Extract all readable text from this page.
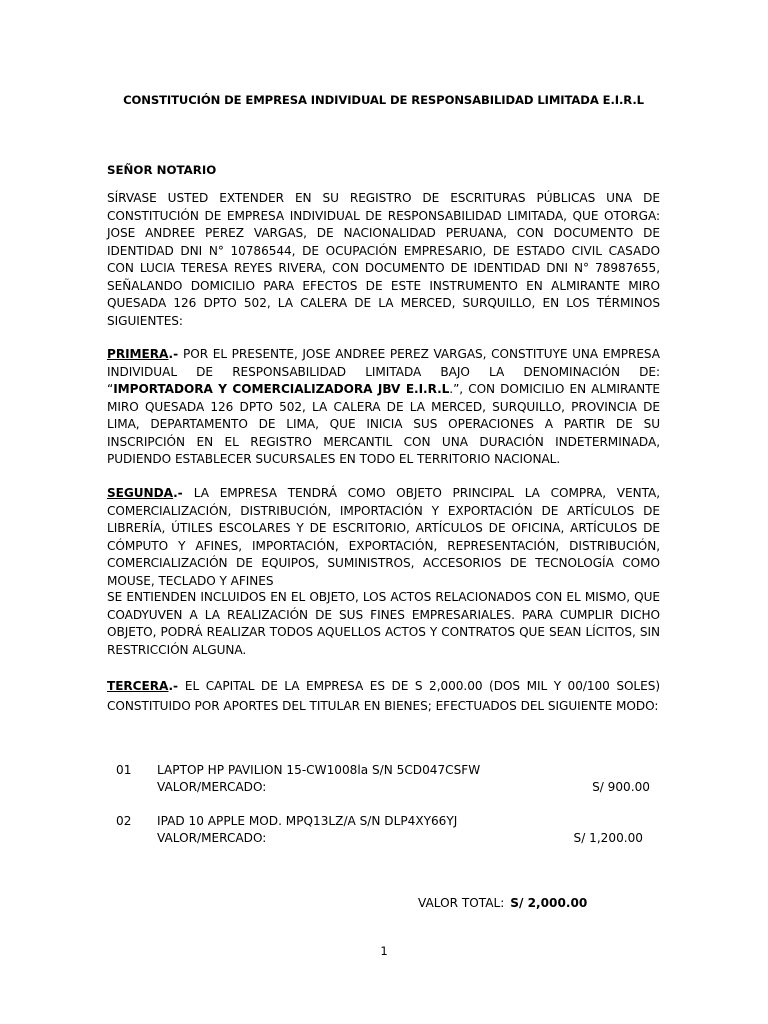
CONSTITUCIÓN DE EMPRESA INDIVIDUAL DE RESPONSABILIDAD LIMITADA E.I.R.L
SEÑOR NOTARIO
SÍRVASE USTED EXTENDER EN SU REGISTRO DE ESCRITURAS PÚBLICAS UNA DE CONSTITUCIÓN DE EMPRESA INDIVIDUAL DE RESPONSABILIDAD LIMITADA, QUE OTORGA: JOSE ANDREE PEREZ VARGAS, DE NACIONALIDAD PERUANA, CON DOCUMENTO DE IDENTIDAD DNI N° 10786544, DE OCUPACIÓN EMPRESARIO, DE ESTADO CIVIL CASADO CON LUCIA TERESA REYES RIVERA, CON DOCUMENTO DE IDENTIDAD DNI N° 78987655, SEÑALANDO DOMICILIO PARA EFECTOS DE ESTE INSTRUMENTO EN ALMIRANTE MIRO QUESADA 126 DPTO 502, LA CALERA DE LA MERCED, SURQUILLO, EN LOS TÉRMINOS SIGUIENTES:
PRIMERA.- POR EL PRESENTE, JOSE ANDREE PEREZ VARGAS, CONSTITUYE UNA EMPRESA INDIVIDUAL DE RESPONSABILIDAD LIMITADA BAJO LA DENOMINACIÓN DE: “IMPORTADORA Y COMERCIALIZADORA JBV E.I.R.L.”, CON DOMICILIO EN ALMIRANTE MIRO QUESADA 126 DPTO 502, LA CALERA DE LA MERCED, SURQUILLO, PROVINCIA DE LIMA, DEPARTAMENTO DE LIMA, QUE INICIA SUS OPERACIONES A PARTIR DE SU INSCRIPCIÓN EN EL REGISTRO MERCANTIL CON UNA DURACIÓN INDETERMINADA, PUDIENDO ESTABLECER SUCURSALES EN TODO EL TERRITORIO NACIONAL.
SEGUNDA.- LA EMPRESA TENDRÁ COMO OBJETO PRINCIPAL LA COMPRA, VENTA, COMERCIALIZACIÓN, DISTRIBUCIÓN, IMPORTACIÓN Y EXPORTACIÓN DE ARTÍCULOS DE LIBRERÍA, ÚTILES ESCOLARES Y DE ESCRITORIO, ARTÍCULOS DE OFICINA, ARTÍCULOS DE CÓMPUTO Y AFINES, IMPORTACIÓN, EXPORTACIÓN, REPRESENTACIÓN, DISTRIBUCIÓN, COMERCIALIZACIÓN DE EQUIPOS, SUMINISTROS, ACCESORIOS DE TECNOLOGÍA COMO MOUSE, TECLADO Y AFINES
SE ENTIENDEN INCLUIDOS EN EL OBJETO, LOS ACTOS RELACIONADOS CON EL MISMO, QUE COADYUVEN A LA REALIZACIÓN DE SUS FINES EMPRESARIALES. PARA CUMPLIR DICHO OBJETO, PODRÁ REALIZAR TODOS AQUELLOS ACTOS Y CONTRATOS QUE SEAN LÍCITOS, SIN RESTRICCIÓN ALGUNA.
TERCERA.- EL CAPITAL DE LA EMPRESA ES DE S 2,000.00 (DOS MIL Y 00/100 SOLES) CONSTITUIDO POR APORTES DEL TITULAR EN BIENES; EFECTUADOS DEL SIGUIENTE MODO:
01 LAPTOP HP PAVILION 15-CW1008la S/N 5CD047CSFW
VALOR/MERCADO:	S/ 900.00
02 IPAD 10 APPLE MOD. MPQ13LZ/A S/N DLP4XY66YJ
VALOR/MERCADO:	S/ 1,200.00
VALOR TOTAL: S/ 2,000.00
1
